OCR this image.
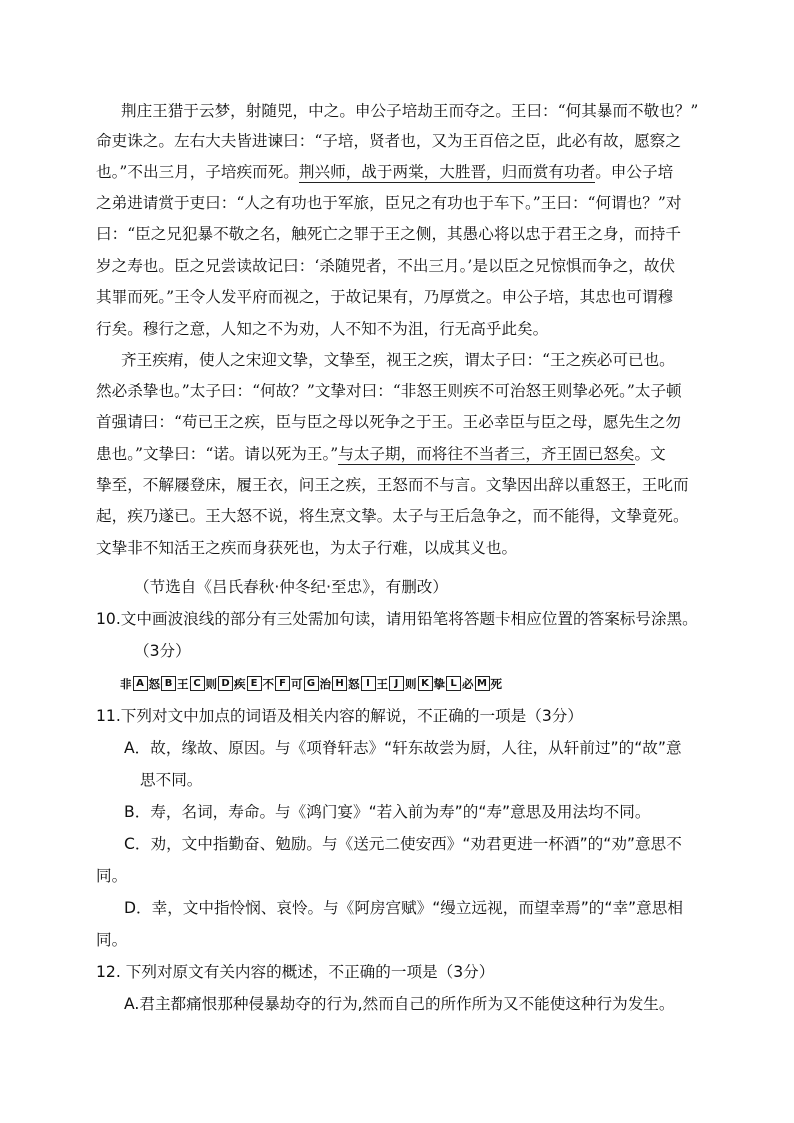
荆庄王猎于云梦，射随兕，中之。申公子培劫王而夺之。王曰：“何其暴而不敬也？”
命吏诛之。左右大夫皆进谏曰：“子培，贤者也，又为王百倍之臣，此必有故，愿察之
也。”不出三月，子培疾而死。荆兴师，战于两棠，大胜晋，归而赏有功者。申公子培
之弟进请赏于吏曰：“人之有功也于军旅，臣兄之有功也于车下。”王曰：“何谓也？”对
曰：“臣之兄犯暴不敬之名，触死亡之罪于王之侧，其愚心将以忠于君王之身，而持千
岁之寿也。臣之兄尝读故记曰：‘杀随兕者，不出三月。’是以臣之兄惊惧而争之，故伏
其罪而死。”王令人发平府而视之，于故记果有，乃厚赏之。申公子培，其忠也可谓穆
行矣。穆行之意，人知之不为劝，人不知不为沮，行无高乎此矣。
齐王疾痏，使人之宋迎文挚，文挚至，视王之疾，谓太子曰：“王之疾必可已也。
然必杀挚也。”太子曰：“何故？”文挚对曰：“非怒王则疾不可治怒王则挚必死。”太子顿
首强请曰：“苟已王之疾，臣与臣之母以死争之于王。王必幸臣与臣之母，愿先生之勿
患也。”文挚曰：“诺。请以死为王。”与太子期，而将往不当者三，齐王固已怒矣。文
挚至，不解屦登床，履王衣，问王之疾，王怒而不与言。文挚因出辞以重怒王，王叱而
起，疾乃遂已。王大怒不说，将生烹文挚。太子与王后急争之，而不能得，文挚竟死。
文挚非不知活王之疾而身获死也，为太子行难，以成其义也。
（节选自《吕氏春秋·仲冬纪·至忠》，有删改）
10.文中画波浪线的部分有三处需加句读，请用铅笔将答题卡相应位置的答案标号涂黑。
（3分）
非 A 怒 B 王 C 则 D 疾 E 不 F 可 G 治 H 怒 I 王 J 则 K 挚 L 必 M 死
11.下列对文中加点的词语及相关内容的解说，不正确的一项是（3分）
A．故，缘故、原因。与《项脊轩志》“轩东故尝为厨，人往，从轩前过”的“故”意
思不同。
B．寿，名词，寿命。与《鸿门宴》“若入前为寿”的“寿”意思及用法均不同。
C．劝，文中指勤奋、勉励。与《送元二使安西》“劝君更进一杯酒”的“劝”意思不
同。
D．幸，文中指怜悯、哀怜。与《阿房宫赋》“缦立远视，而望幸焉”的“幸”意思相
同。
12. 下列对原文有关内容的概述，不正确的一项是（3分）
A.君主都痛恨那种侵暴劫夺的行为,然而自己的所作所为又不能使这种行为发生。
